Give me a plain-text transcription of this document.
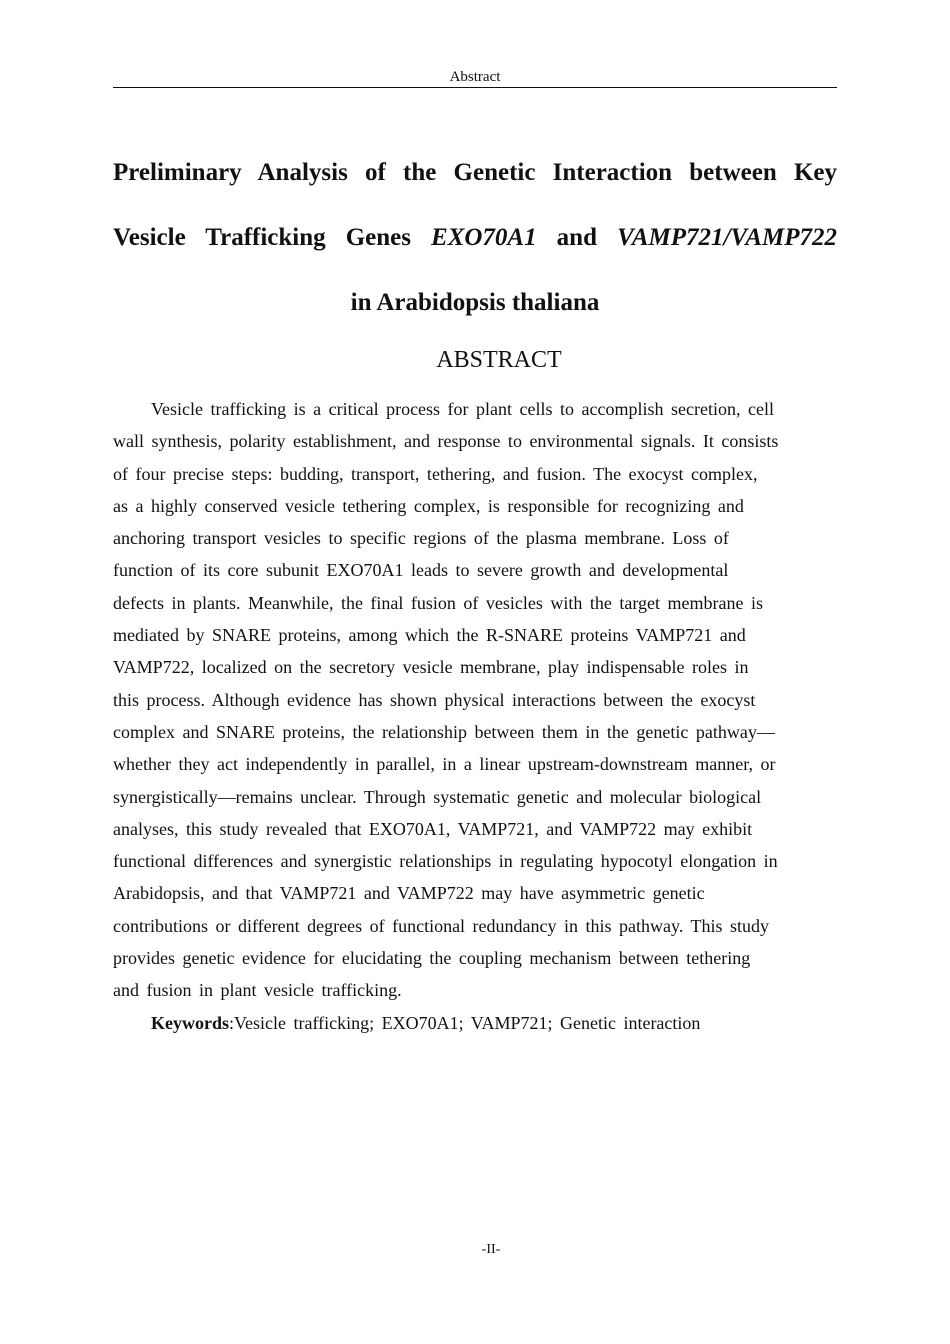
Abstract
Preliminary Analysis of the Genetic Interaction between Key
Vesicle Trafficking Genes EXO70A1 and VAMP721/VAMP722
in Arabidopsis thaliana
ABSTRACT
Vesicle trafficking is a critical process for plant cells to accomplish secretion, cell
wall synthesis, polarity establishment, and response to environmental signals. It consists
of four precise steps: budding, transport, tethering, and fusion. The exocyst complex,
as a highly conserved vesicle tethering complex, is responsible for recognizing and
anchoring transport vesicles to specific regions of the plasma membrane. Loss of
function of its core subunit EXO70A1 leads to severe growth and developmental
defects in plants. Meanwhile, the final fusion of vesicles with the target membrane is
mediated by SNARE proteins, among which the R-SNARE proteins VAMP721 and
VAMP722, localized on the secretory vesicle membrane, play indispensable roles in
this process. Although evidence has shown physical interactions between the exocyst
complex and SNARE proteins, the relationship between them in the genetic pathway—
whether they act independently in parallel, in a linear upstream-downstream manner, or
synergistically—remains unclear. Through systematic genetic and molecular biological
analyses, this study revealed that EXO70A1, VAMP721, and VAMP722 may exhibit
functional differences and synergistic relationships in regulating hypocotyl elongation in
Arabidopsis, and that VAMP721 and VAMP722 may have asymmetric genetic
contributions or different degrees of functional redundancy in this pathway. This study
provides genetic evidence for elucidating the coupling mechanism between tethering
and fusion in plant vesicle trafficking.
Keywords:Vesicle trafficking; EXO70A1; VAMP721; Genetic interaction
-II-
